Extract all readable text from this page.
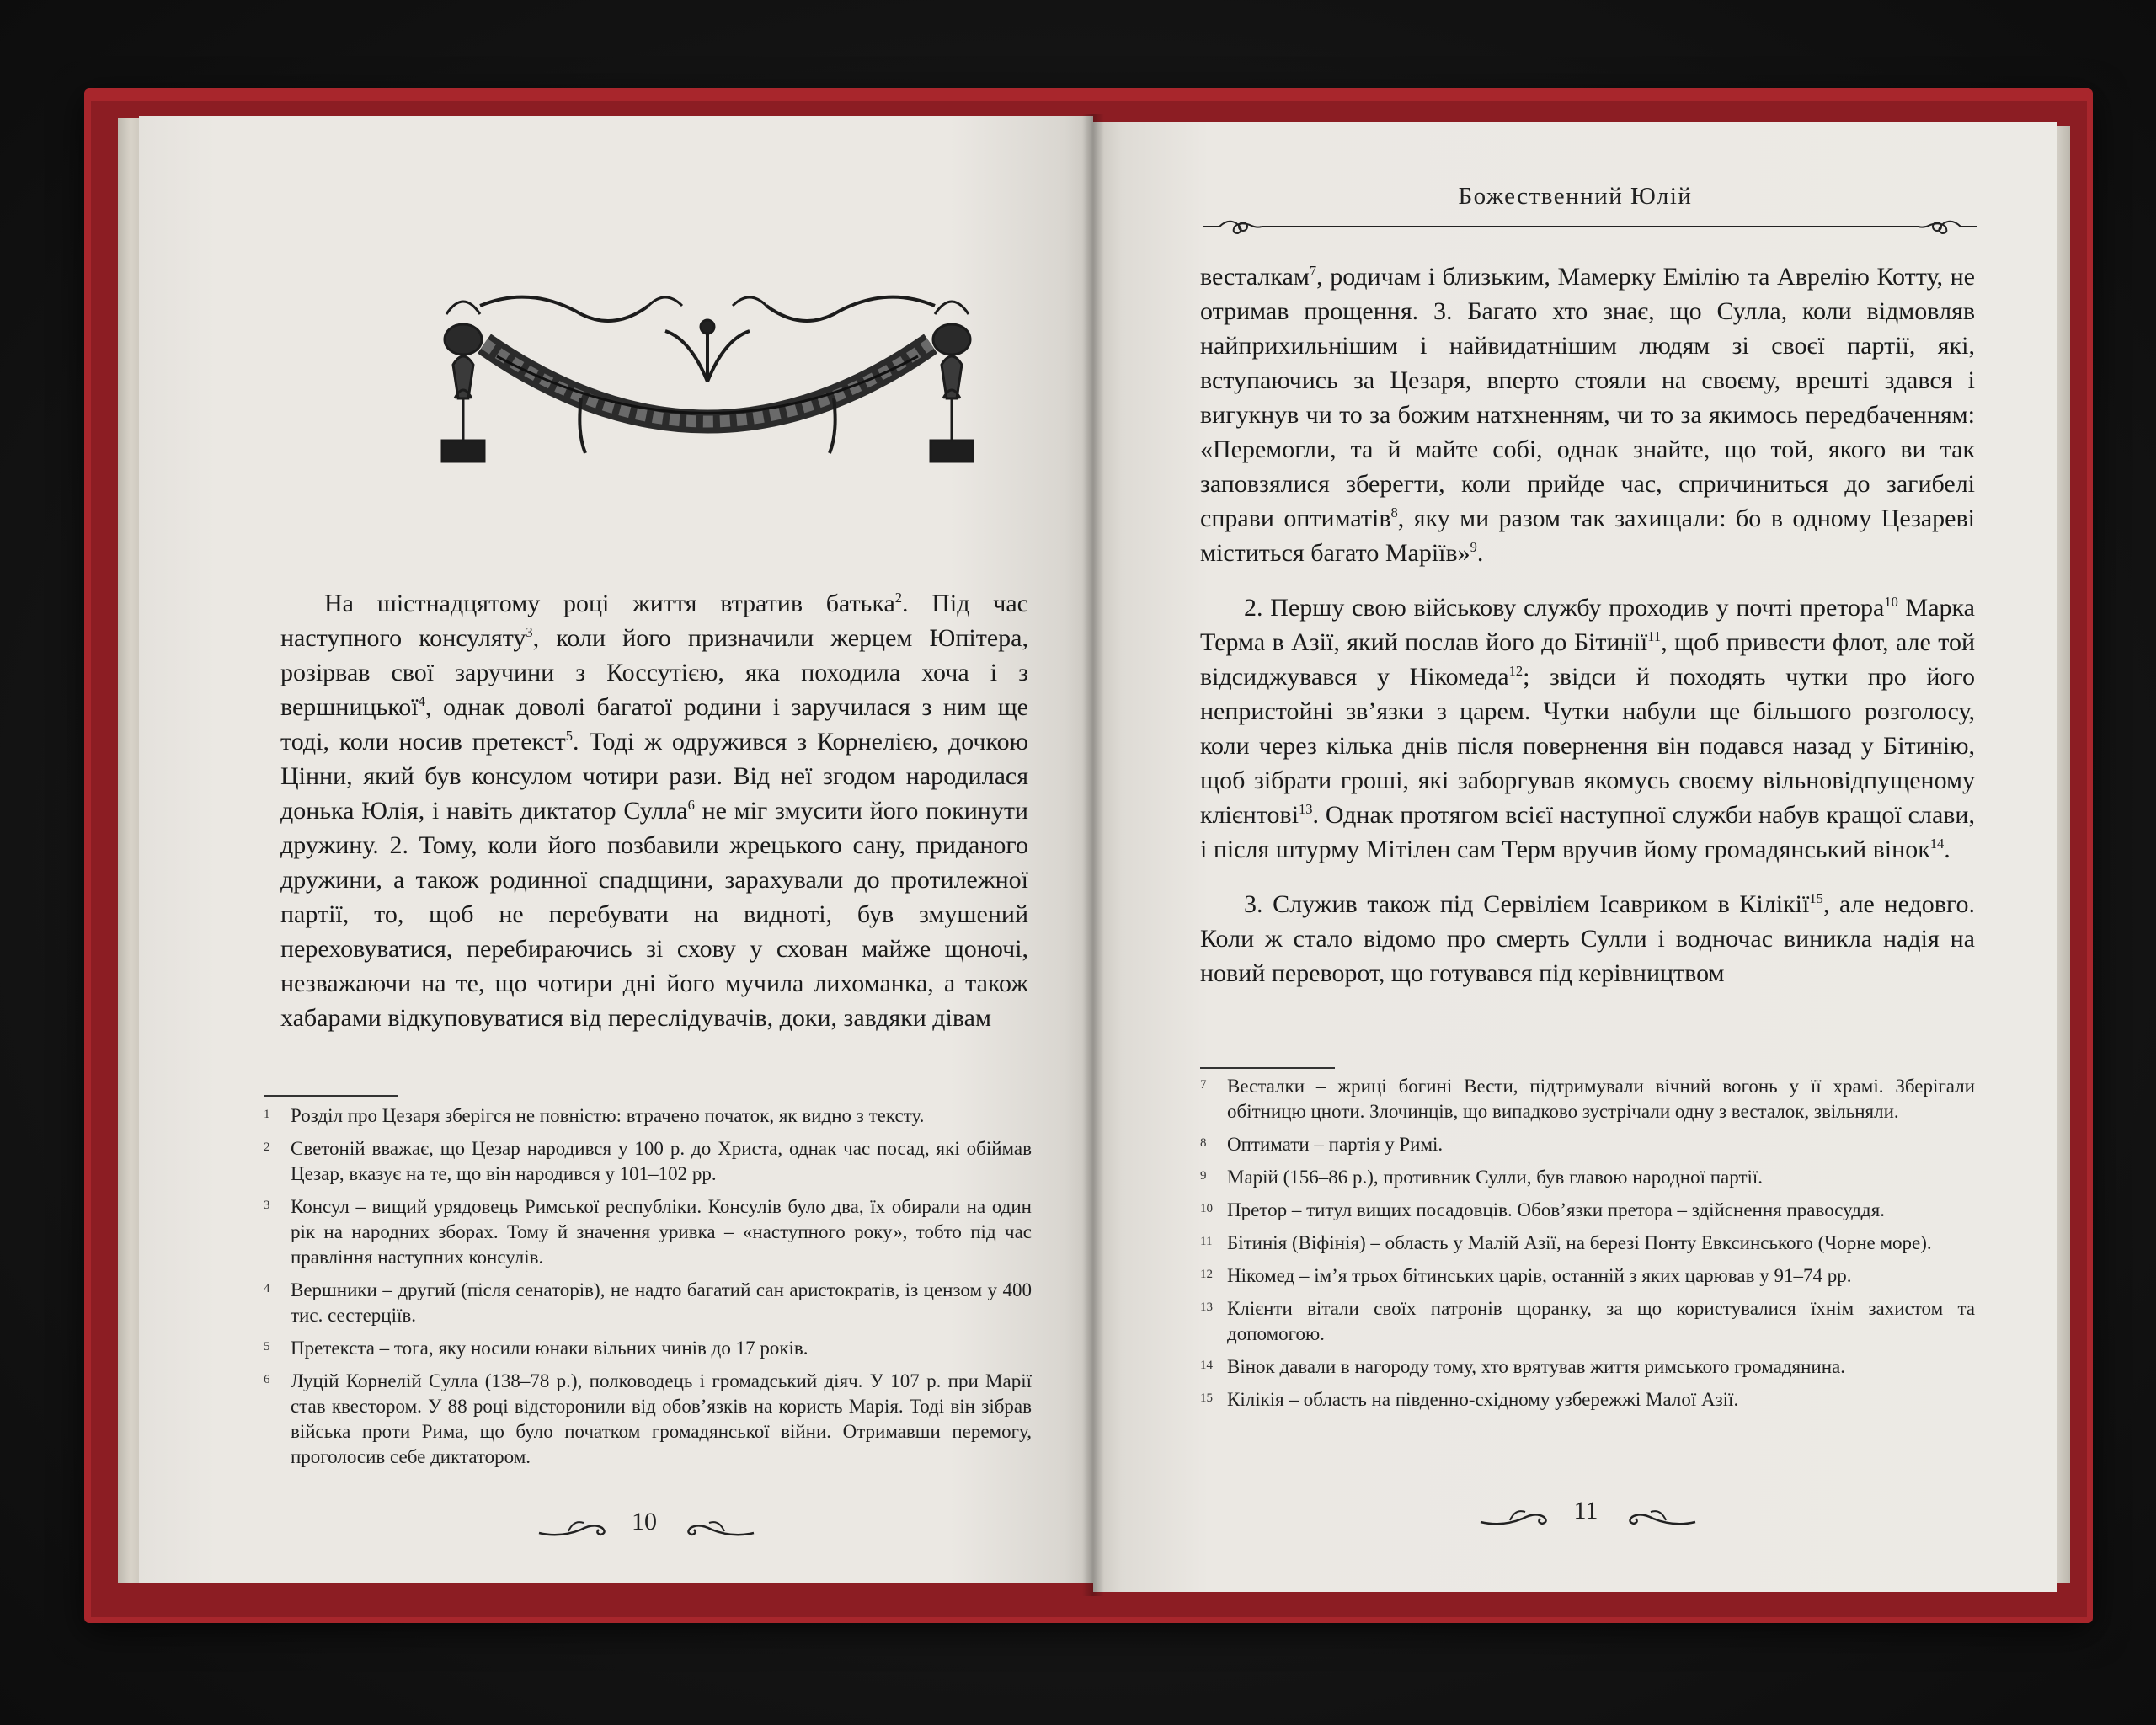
На шістнадцятому році життя втратив батька$^2$. Під час наступного консуляту$^3$, коли його призначили жерцем Юпітера, розірвав свої заручини з Коссутією, яка походила хоча і з вершницької$^4$, однак доволі багатої родини і заручилася з ним ще тоді, коли носив претекст$^5$. Тоді ж одружився з Корнелією, дочкою Цінни, який був консулом чотири рази. Від неї згодом народилася донька Юлія, і навіть диктатор Сулла$^6$ не міг змусити його покинути дружину. 2. Тому, коли його позбавили жрецького сану, приданого дружини, а також родинної спадщини, зарахували до протилежної партії, то, щоб не перебувати на видноті, був змушений переховуватися, перебираючись зі схову у схован майже щоночі, незважаючи на те, що чотири дні його мучила лихоманка, а також хабарами відкуповуватися від переслідувачів, доки, завдяки дівам

1	Розділ про Цезаря зберігся не повністю: втрачено початок, як видно з тексту.
2	Светоній вважає, що Цезар народився у 100 р. до Христа, однак час посад, які обіймав Цезар, вказує на те, що він народився у 101–102 рр.
3	Консул – вищий урядовець Римської республіки. Консулів було два, їх обирали на один рік на народних зборах. Тому й значення уривка – «наступного року», тобто під час правління наступних консулів.
4	Вершники – другий (після сенаторів), не надто багатий сан аристократів, із цензом у 400 тис. сестерціїв.
5	Претекста – тога, яку носили юнаки вільних чинів до 17 років.
6	Луцій Корнелій Сулла (138–78 р.), полководець і громадський діяч. У 107 р. при Марії став квестором. У 88 році відсторонили від обов’язків на користь Марія. Тоді він зібрав війська проти Рима, що було початком громадянської війни. Отримавши перемогу, проголосив себе диктатором.
10
Божественний Юлій

весталкам$^7$, родичам і близьким, Мамерку Емілію та Аврелію Котту, не отримав прощення. 3. Багато хто знає, що Сулла, коли відмовляв найприхильнішим і найвидатнішим людям зі своєї партії, які, вступаючись за Цезаря, вперто стояли на своєму, врешті здався і вигукнув чи то за божим натхненням, чи то за якимось передбаченням: «Перемогли, та й майте собі, однак знайте, що той, якого ви так заповзялися зберегти, коли прийде час, спричиниться до загибелі справи оптиматів$^8$, яку ми разом так захищали: бо в одному Цезареві міститься багато Маріїв»$^9$.

2. Першу свою військову службу проходив у почті претора$^{10}$ Марка Терма в Азії, який послав його до Бітинії$^{11}$, щоб привести флот, але той відсиджувався у Нікомеда$^{12}$; звідси й походять чутки про його непристойні зв’язки з царем. Чутки набули ще більшого розголосу, коли через кілька днів після повернення він подався назад у Бітинію, щоб зібрати гроші, які заборгував якомусь своєму вільновідпущеному клієнтові$^{13}$. Однак протягом всієї наступної служби набув кращої слави, і після штурму Мітілен сам Терм вручив йому громадянський вінок$^{14}$.

3. Служив також під Сервілієм Ісавриком в Кілікії$^{15}$, але недовго. Коли ж стало відомо про смерть Сулли і водночас виникла надія на новий переворот, що готувався під керівництвом

7	Весталки – жриці богині Вести, підтримували вічний вогонь у її храмі. Зберігали обітницю цноти. Злочинців, що випадково зустрічали одну з весталок, звільняли.
8	Оптимати – партія у Римі.
9	Марій (156–86 р.), противник Сулли, був главою народної партії.
10 Претор – титул вищих посадовців. Обов’язки претора – здійснення правосуддя.
11 Бітинія (Віфінія) – область у Малій Азії, на березі Понту Евксинського (Чорне море).
12 Нікомед – ім’я трьох бітинських царів, останній з яких царював у 91–74 рр.
13 Клієнти вітали своїх патронів щоранку, за що користувалися їхнім захистом та допомогою.
14 Вінок давали в нагороду тому, хто врятував життя римського громадянина.
15 Кілікія – область на південно-східному узбережжі Малої Азії.
11
